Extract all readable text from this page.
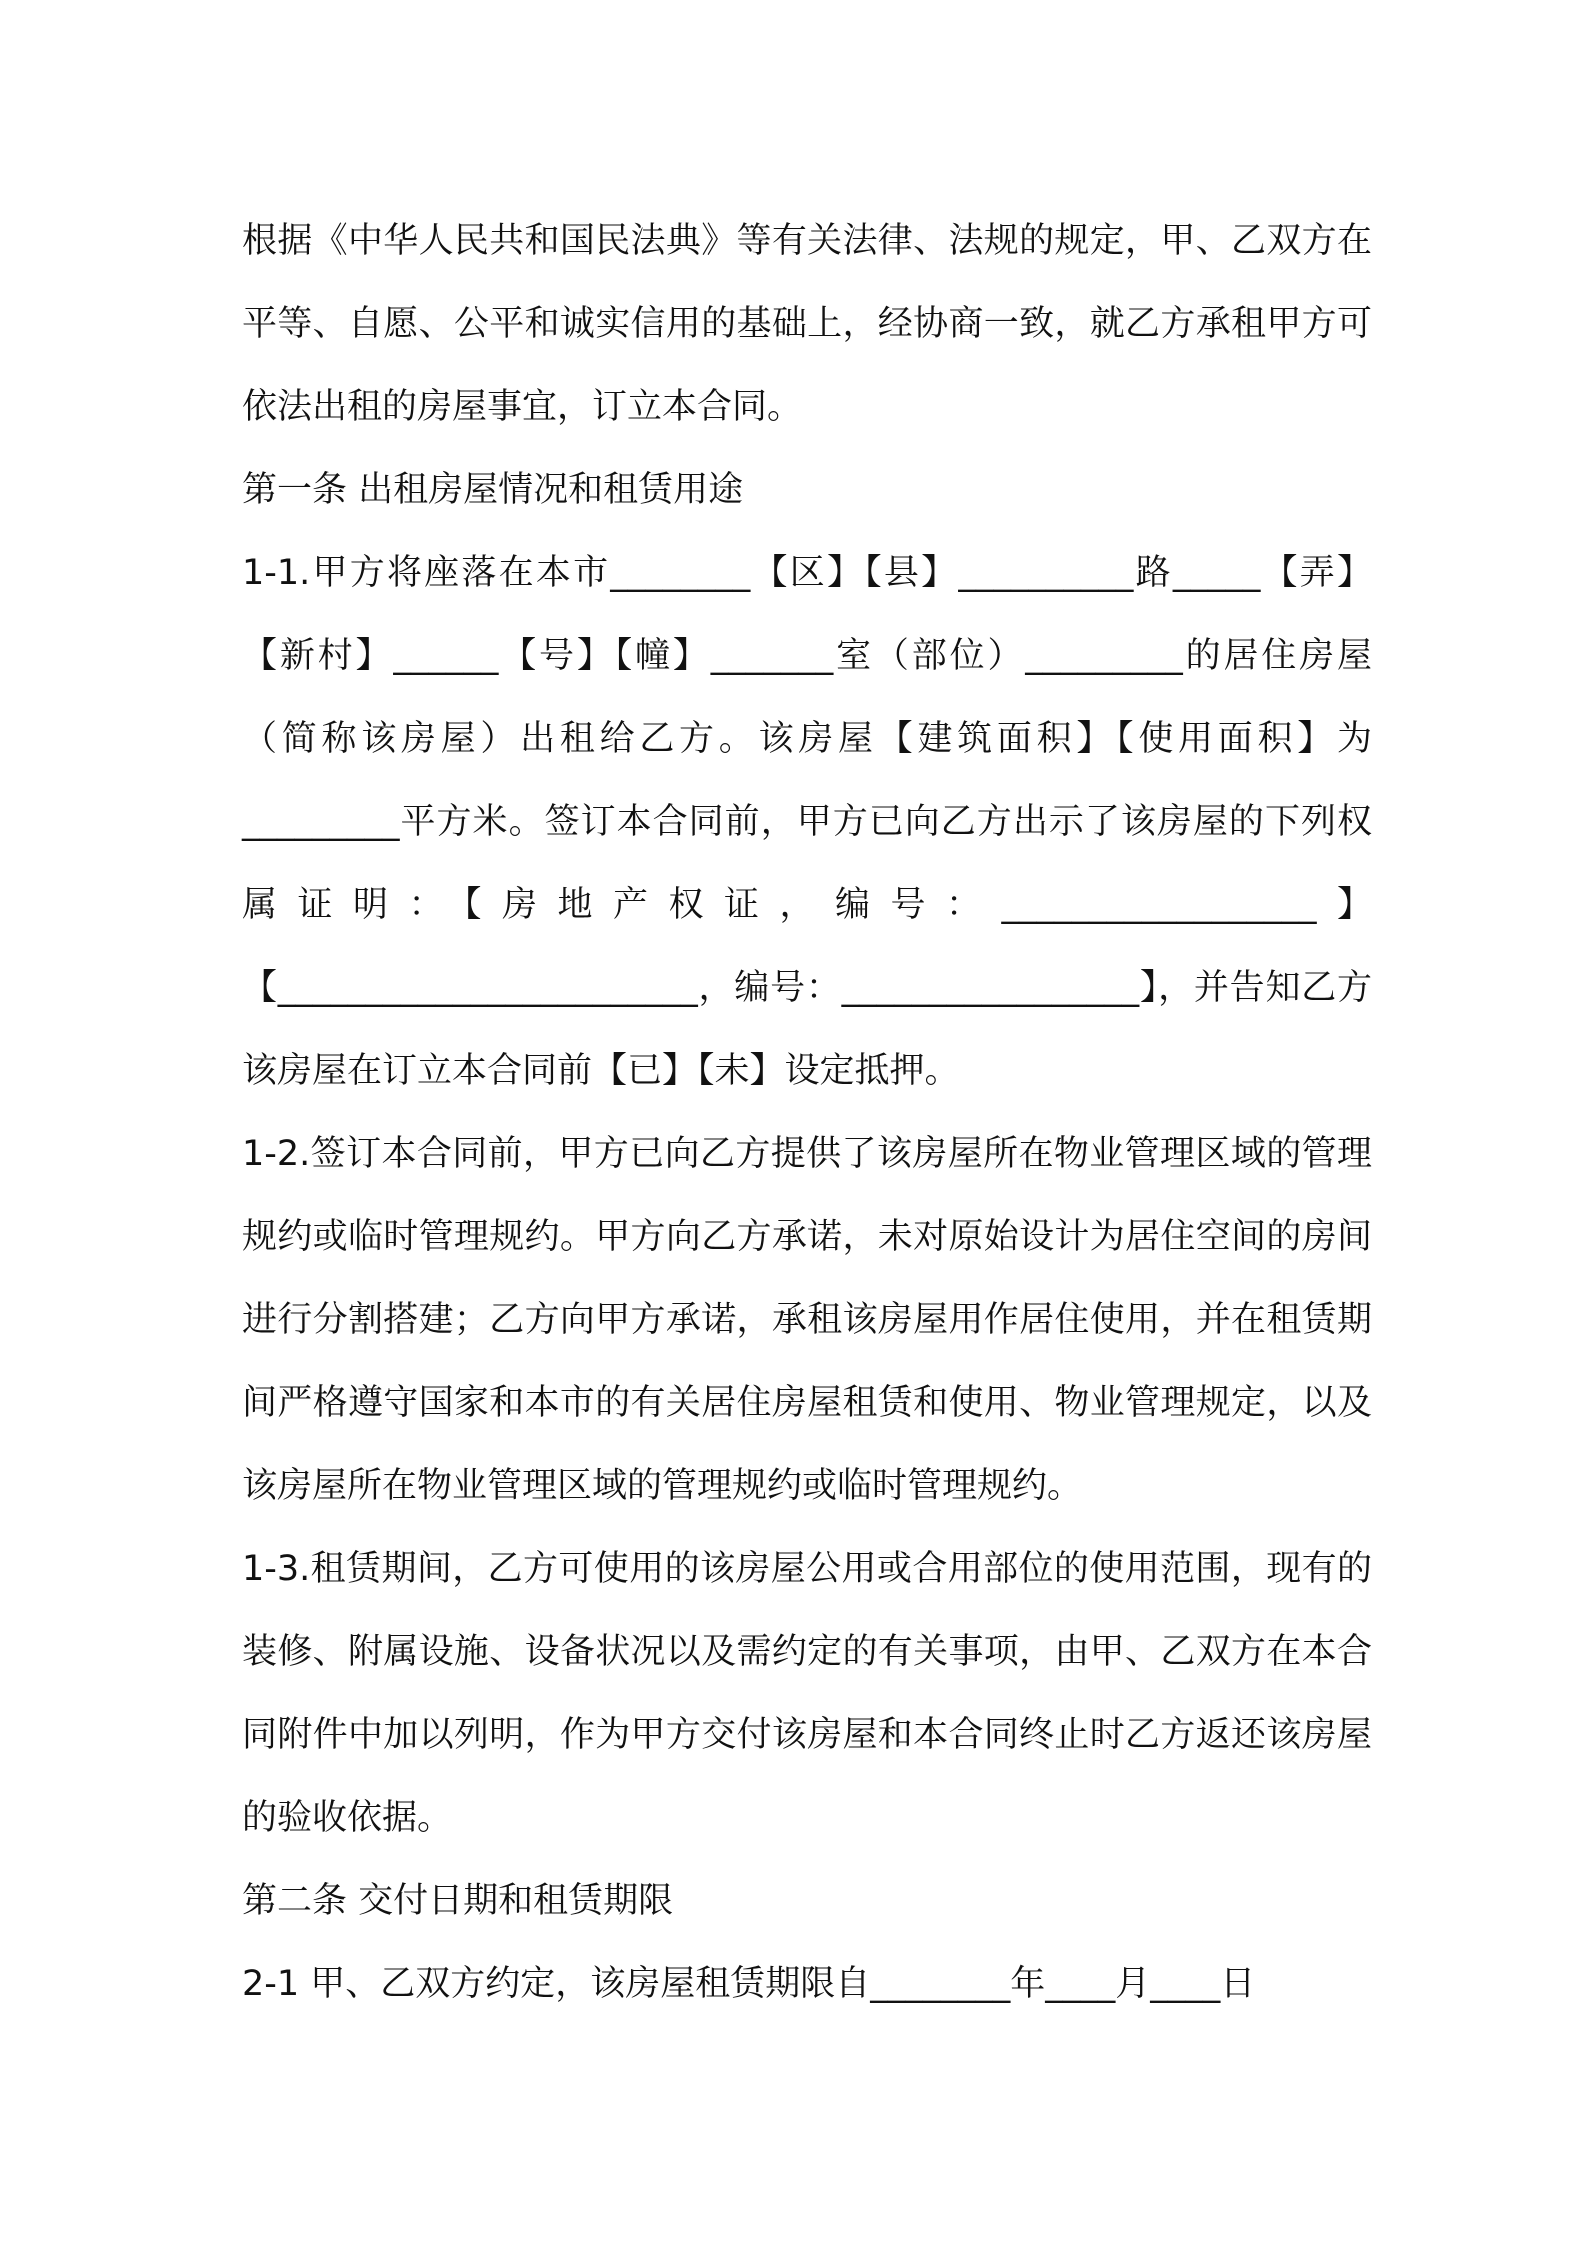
根据《中华人民共和国民法典》等有关法律、法规的规定，甲、乙双方在平等、自愿、公平和诚实信用的基础上，经协商一致，就乙方承租甲方可依法出租的房屋事宜，订立本合同。

第一条 出租房屋情况和租赁用途

1-1.甲方将座落在本市________【区】【县】__________路_____【弄】【新村】______【号】【幢】_______室（部位）_________的居住房屋（简称该房屋）出租给乙方。该房屋【建筑面积】【使用面积】为_________平方米。签订本合同前，甲方已向乙方出示了该房屋的下列权属证明：【房地产权证，编号：__________________】【________________________，编号：_________________】，并告知乙方该房屋在订立本合同前【已】【未】设定抵押。

1-2.签订本合同前，甲方已向乙方提供了该房屋所在物业管理区域的管理规约或临时管理规约。甲方向乙方承诺，未对原始设计为居住空间的房间进行分割搭建；乙方向甲方承诺，承租该房屋用作居住使用，并在租赁期间严格遵守国家和本市的有关居住房屋租赁和使用、物业管理规定，以及该房屋所在物业管理区域的管理规约或临时管理规约。

1-3.租赁期间，乙方可使用的该房屋公用或合用部位的使用范围，现有的装修、附属设施、设备状况以及需约定的有关事项，由甲、乙双方在本合同附件中加以列明，作为甲方交付该房屋和本合同终止时乙方返还该房屋的验收依据。

第二条 交付日期和租赁期限

2-1 甲、乙双方约定，该房屋租赁期限自________年____月____日
